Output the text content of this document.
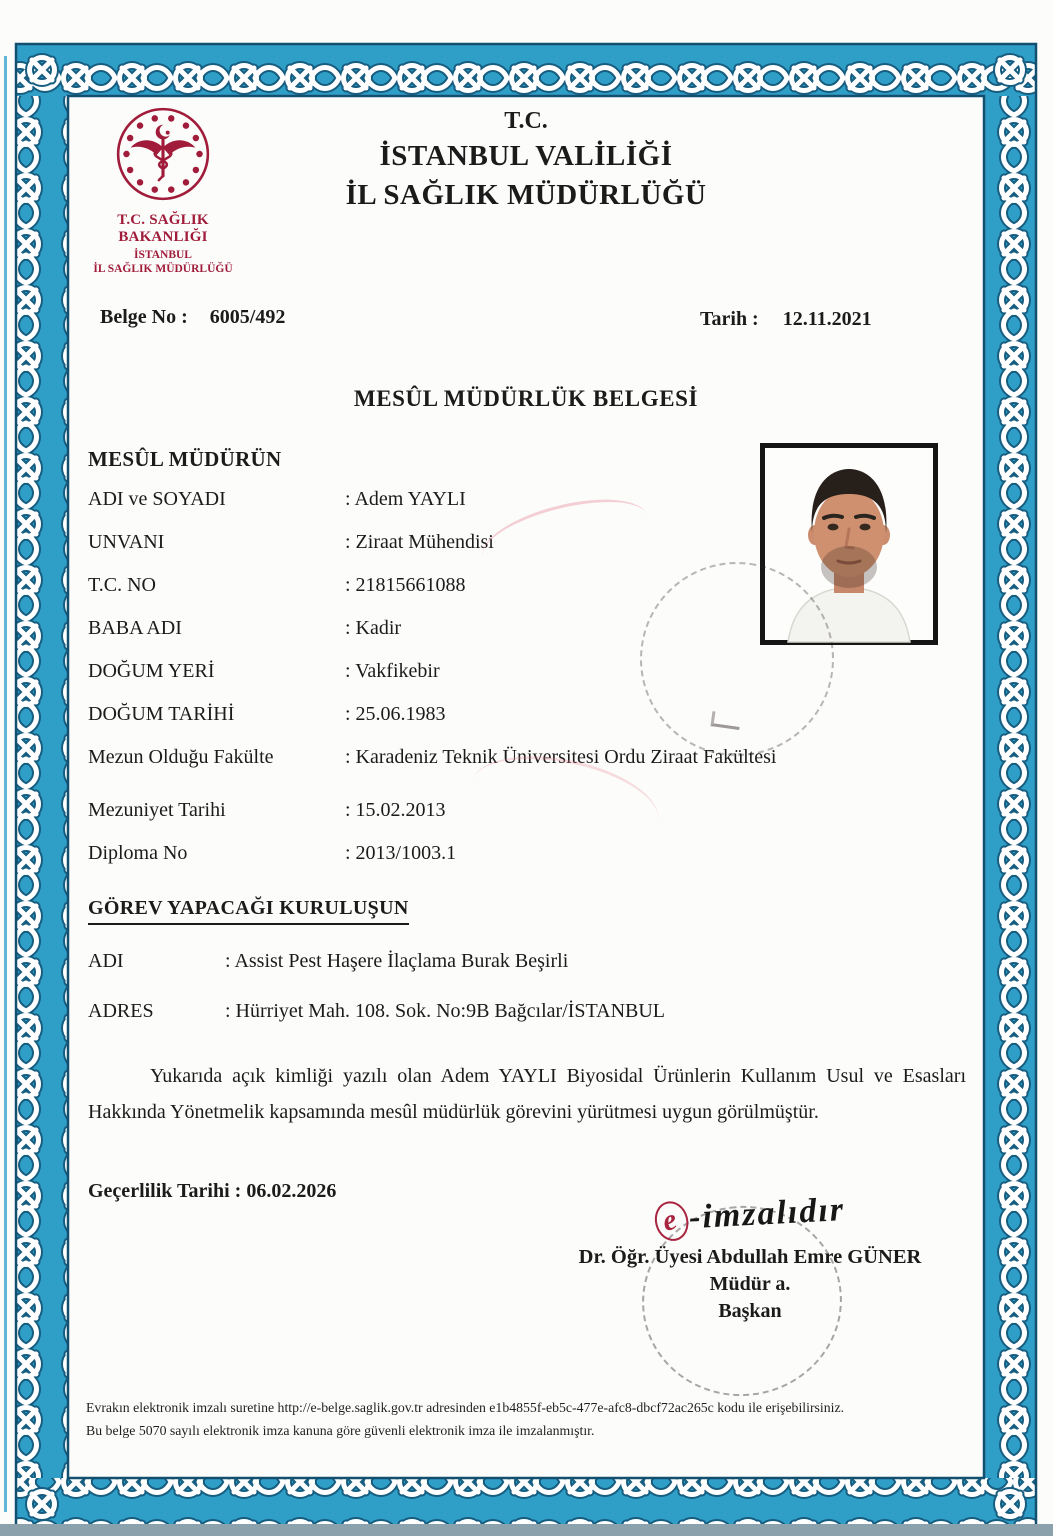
T.C. SAĞLIK BAKANLIĞI
İSTANBUL
İL SAĞLIK MÜDÜRLÜĞÜ
T.C.
İSTANBUL VALİLİĞİ
İL SAĞLIK MÜDÜRLÜĞÜ
Belge No : 6005/492	Tarih : 12.11.2021
MESÛL MÜDÜRLÜK BELGESİ
MESÛL MÜDÜRÜN
ADI ve SOYADI	: Adem YAYLI
UNVANI	: Ziraat Mühendisi
T.C. NO	: 21815661088
BABA ADI	: Kadir
DOĞUM YERİ	: Vakfikebir
DOĞUM TARİHİ	: 25.06.1983
Mezun Olduğu Fakülte	: Karadeniz Teknik Üniversitesi Ordu Ziraat Fakültesi
Mezuniyet Tarihi	: 15.02.2013
Diploma No	: 2013/1003.1
GÖREV YAPACAĞI KURULUŞUN
ADI	: Assist Pest Haşere İlaçlama Burak Beşirli
ADRES	: Hürriyet Mah. 108. Sok. No:9B Bağcılar/İSTANBUL
Yukarıda açık kimliği yazılı olan Adem YAYLI Biyosidal Ürünlerin Kullanım Usul ve Esasları Hakkında Yönetmelik kapsamında mesûl müdürlük görevini yürütmesi uygun görülmüştür.
Geçerlilik Tarihi : 06.02.2026
e -imzalıdır
Dr. Öğr. Üyesi Abdullah Emre GÜNER
Müdür a.
Başkan
Evrakın elektronik imzalı suretine http://e-belge.saglik.gov.tr adresinden e1b4855f-eb5c-477e-afc8-dbcf72ac265c kodu ile erişebilirsiniz.
Bu belge 5070 sayılı elektronik imza kanuna göre güvenli elektronik imza ile imzalanmıştır.
